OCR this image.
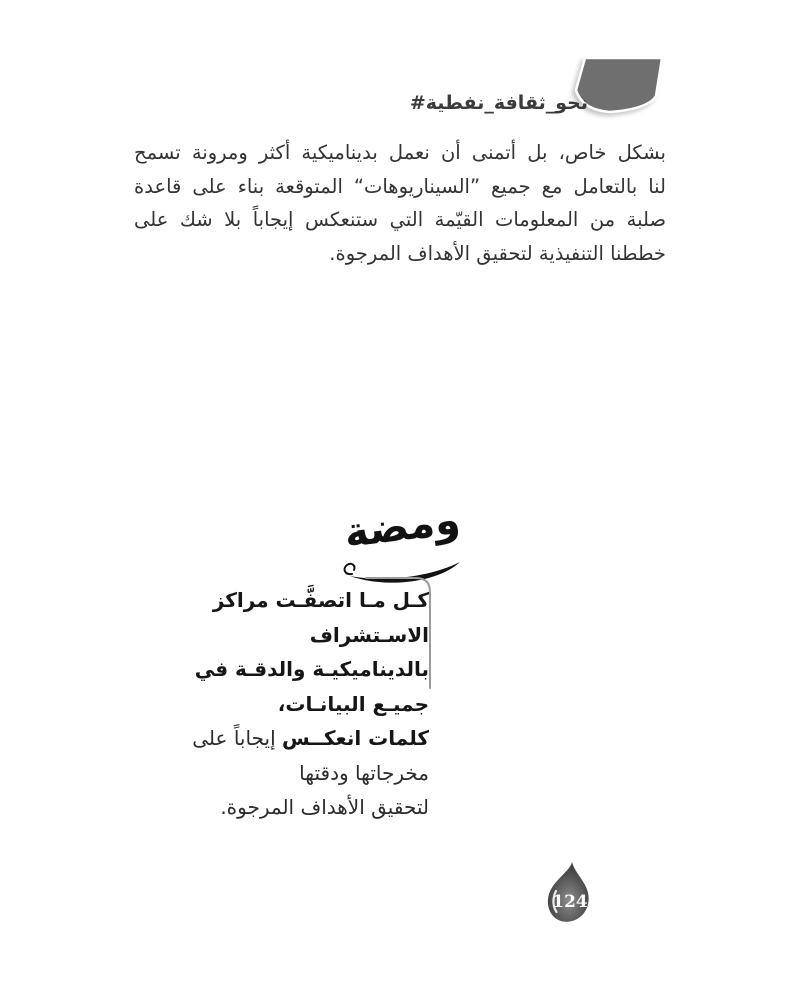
#نحو_ثقافة_نفطية
بشكل خاص، بل أتمنى أن نعمل بديناميكية أكثر ومرونة تسمح
لنا بالتعامل مع جميع ”السيناريوهات“ المتوقعة بناء على قاعدة
صلبة من المعلومات القيّمة التي ستنعكس إيجاباً بلا شك على
خططنا التنفيذية لتحقيق الأهداف المرجوة.
ومضة
كـل مـا اتصفَّـت مراكز الاسـتشراف
بالديناميكيـة والدقـة في جميـع البيانـات،
كلمات انعكــس إيجاباً على مخرجاتها ودقتها
لتحقيق الأهداف المرجوة.
124
